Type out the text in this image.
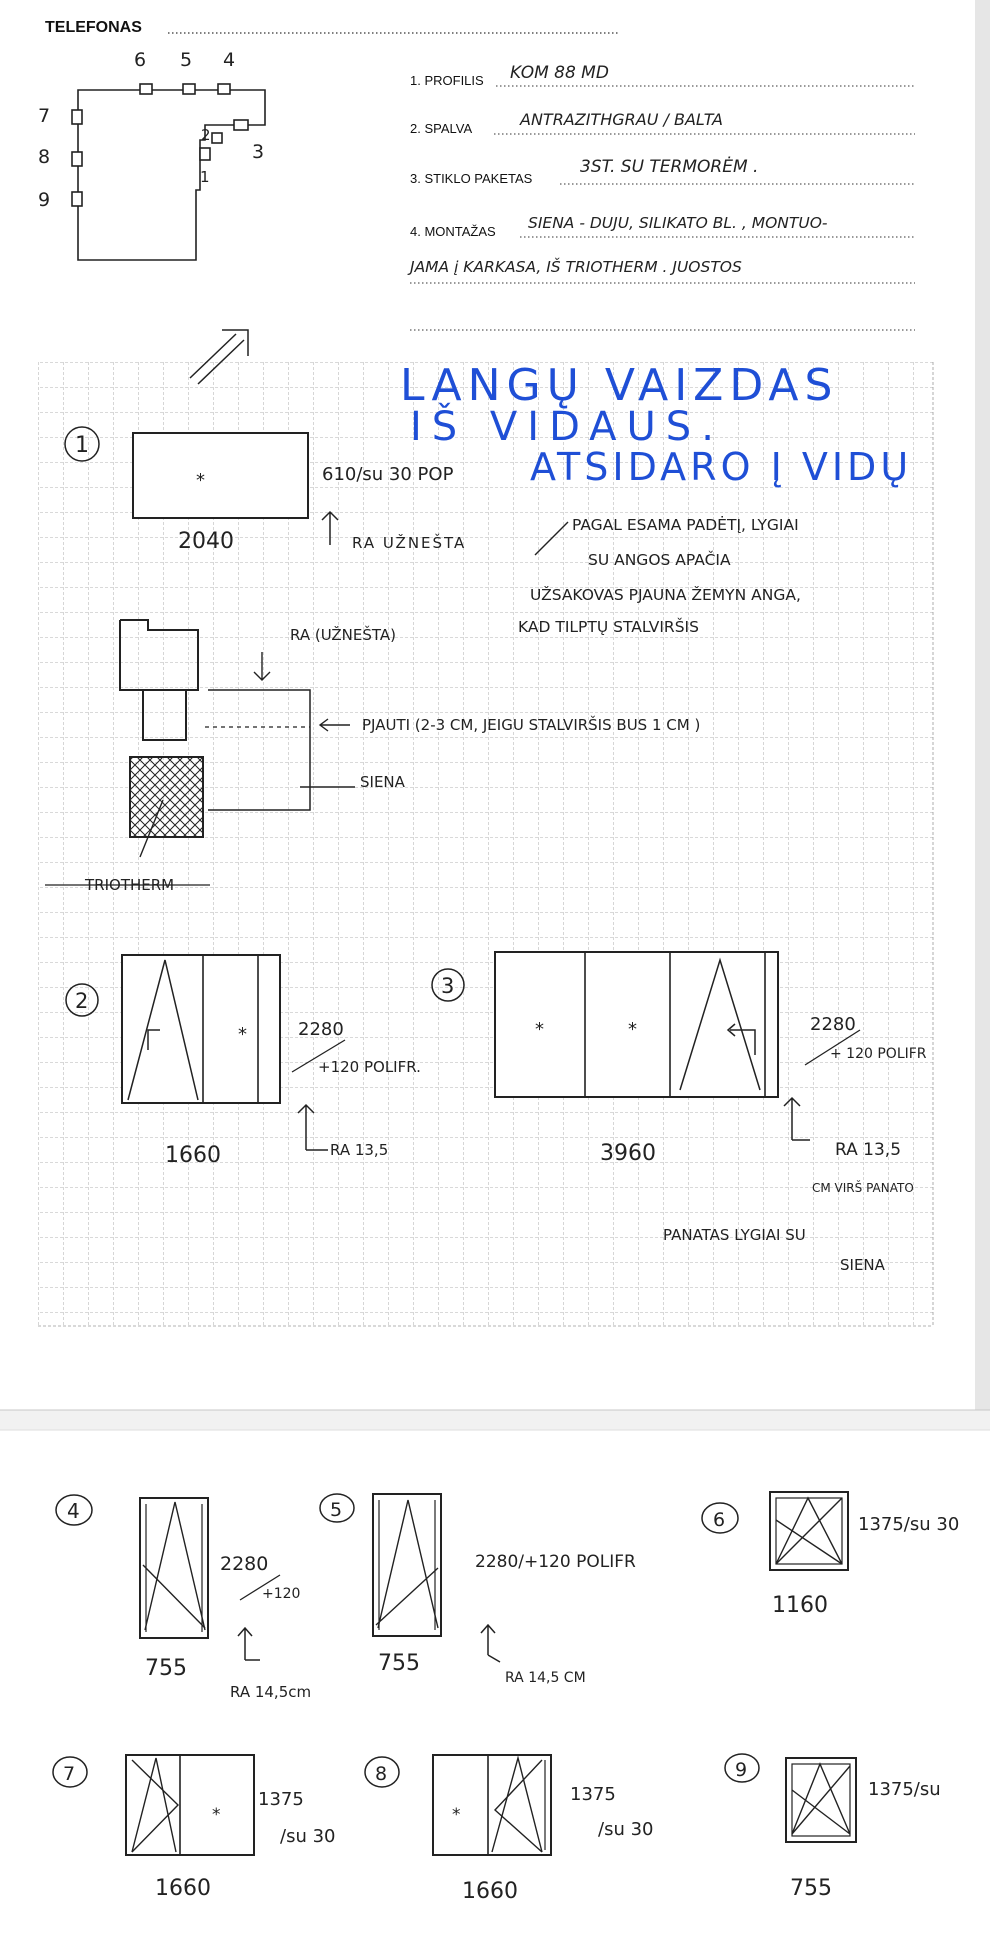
TELEFONAS
1. PROFILIS KOM 88 MD
2. SPALVA	ANTRAZITHGRAU / BALTA
3. STIKLO PAKETAS
3ST. SU TERMORĖM .
4. MONTAŽAS SIENA - DUJU, SILIKATO BL. , MONTUO-
JAMA į KARKASA, IŠ TRIOTHERM . JUOSTOS
6 5 4
7
8
9
2
1
3
LANGŲ VAIZDAS
IŠ VIDAUS.
ATSIDARO Į VIDŲ
1
*
2040
610/su 30 POP
RA UŽNEŠTA
PAGAL ESAMA PADĖTĮ, LYGIAI
SU ANGOS APAČIA
UŽSAKOVAS PJAUNA ŽEMYN ANGA,
KAD TILPTŲ STALVIRŠIS
RA (UŽNEŠTA)
PJAUTI (2-3 CM, JEIGU STALVIRŠIS BUS 1 CM )
SIENA
TRIOTHERM
2
*
1660
2280
+120 POLIFR.
RA 13,5
3
*	*
3960
2280
+ 120 POLIFR
RA 13,5
CM VIRŠ PANATO
PANATAS LYGIAI SU
SIENA
4
755
2280
+120
RA 14,5cm
5
755
2280/+120 POLIFR
RA 14,5 CM
6	1375/su 30
1160
7
*
1660
1375
/su 30
8
*
1660
1375
/su 30
9
1375/su
755
